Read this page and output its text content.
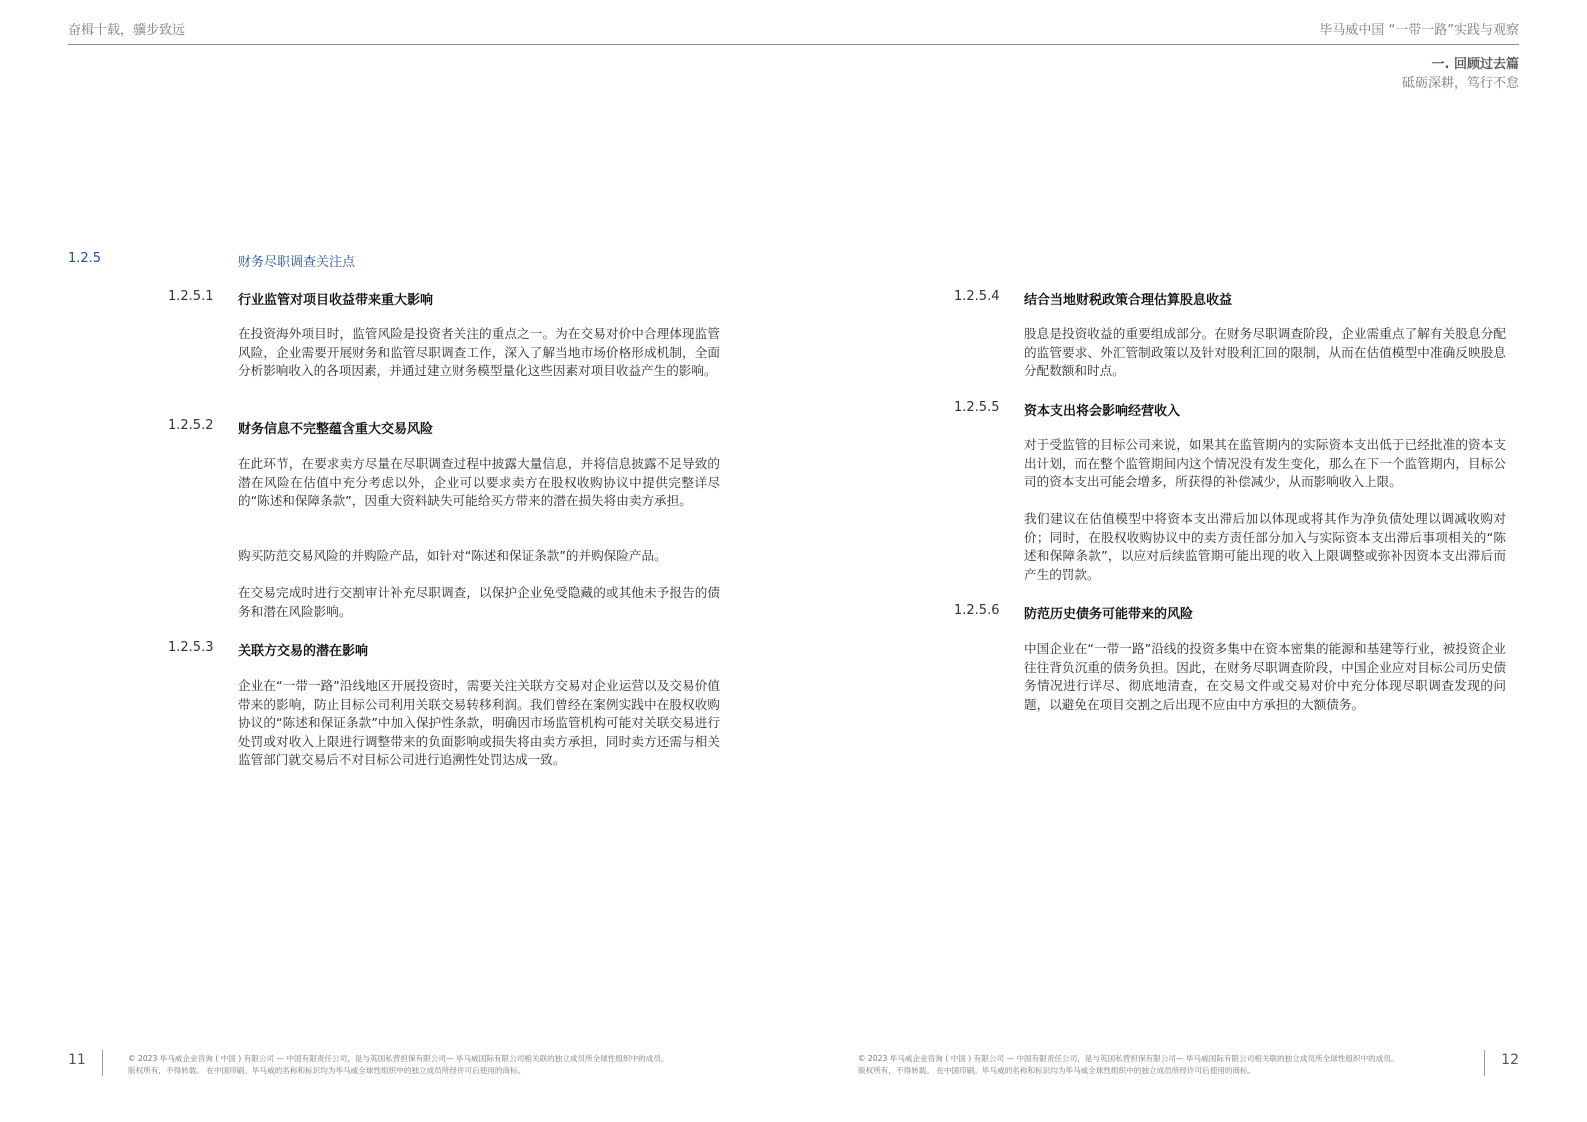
奋楫十载，骥步致远	毕马威中国 “一带一路”实践与观察
一. 回顾过去篇
砥砺深耕，笃行不怠
1.2.5	财务尽职调查关注点
1.2.5.1 行业监管对项目收益带来重大影响
在投资海外项目时，监管风险是投资者关注的重点之一。为在交易对价中合理体现监管风险，企业需要开展财务和监管尽职调查工作，深入了解当地市场价格形成机制，全面分析影响收入的各项因素，并通过建立财务模型量化这些因素对项目收益产生的影响。
1.2.5.2 财务信息不完整蕴含重大交易风险
在此环节，在要求卖方尽量在尽职调查过程中披露大量信息，并将信息披露不足导致的潜在风险在估值中充分考虑以外，企业可以要求卖方在股权收购协议中提供完整详尽的“陈述和保障条款”，因重大资料缺失可能给买方带来的潜在损失将由卖方承担。
购买防范交易风险的并购险产品，如针对“陈述和保证条款”的并购保险产品。
在交易完成时进行交割审计补充尽职调查，以保护企业免受隐藏的或其他未予报告的债务和潜在风险影响。
1.2.5.3 关联方交易的潜在影响
企业在“一带一路”沿线地区开展投资时，需要关注关联方交易对企业运营以及交易价值带来的影响，防止目标公司利用关联交易转移利润。我们曾经在案例实践中在股权收购协议的“陈述和保证条款”中加入保护性条款，明确因市场监管机构可能对关联交易进行处罚或对收入上限进行调整带来的负面影响或损失将由卖方承担，同时卖方还需与相关监管部门就交易后不对目标公司进行追溯性处罚达成一致。
1.2.5.4 结合当地财税政策合理估算股息收益
股息是投资收益的重要组成部分。在财务尽职调查阶段，企业需重点了解有关股息分配的监管要求、外汇管制政策以及针对股利汇回的限制，从而在估值模型中准确反映股息分配数额和时点。
1.2.5.5 资本支出将会影响经营收入
对于受监管的目标公司来说，如果其在监管期内的实际资本支出低于已经批准的资本支出计划，而在整个监管期间内这个情况没有发生变化，那么在下一个监管期内，目标公司的资本支出可能会增多，所获得的补偿减少，从而影响收入上限。
我们建议在估值模型中将资本支出滞后加以体现或将其作为净负债处理以调减收购对价；同时，在股权收购协议中的卖方责任部分加入与实际资本支出滞后事项相关的“陈述和保障条款”，以应对后续监管期可能出现的收入上限调整或弥补因资本支出滞后而产生的罚款。
1.2.5.6 防范历史债务可能带来的风险
中国企业在“一带一路”沿线的投资多集中在资本密集的能源和基建等行业，被投资企业往往背负沉重的债务负担。因此，在财务尽职调查阶段，中国企业应对目标公司历史债务情况进行详尽、彻底地清查，在交易文件或交易对价中充分体现尽职调查发现的问题，以避免在项目交割之后出现不应由中方承担的大额债务。
11	© 2023 毕马威企业咨询 ( 中国 ) 有限公司 — 中国有限责任公司，是与英国私营担保有限公司— 毕马威国际有限公司相关联的独立成员所全球性组织中的成员。
版权所有，不得转载。 在中国印刷。毕马威的名称和标识均为毕马威全球性组织中的独立成员所经许可后使用的商标。
© 2023 毕马威企业咨询 ( 中国 ) 有限公司 — 中国有限责任公司，是与英国私营担保有限公司— 毕马威国际有限公司相关联的独立成员所全球性组织中的成员。
版权所有，不得转载。 在中国印刷。毕马威的名称和标识均为毕马威全球性组织中的独立成员所经许可后使用的商标。
12
